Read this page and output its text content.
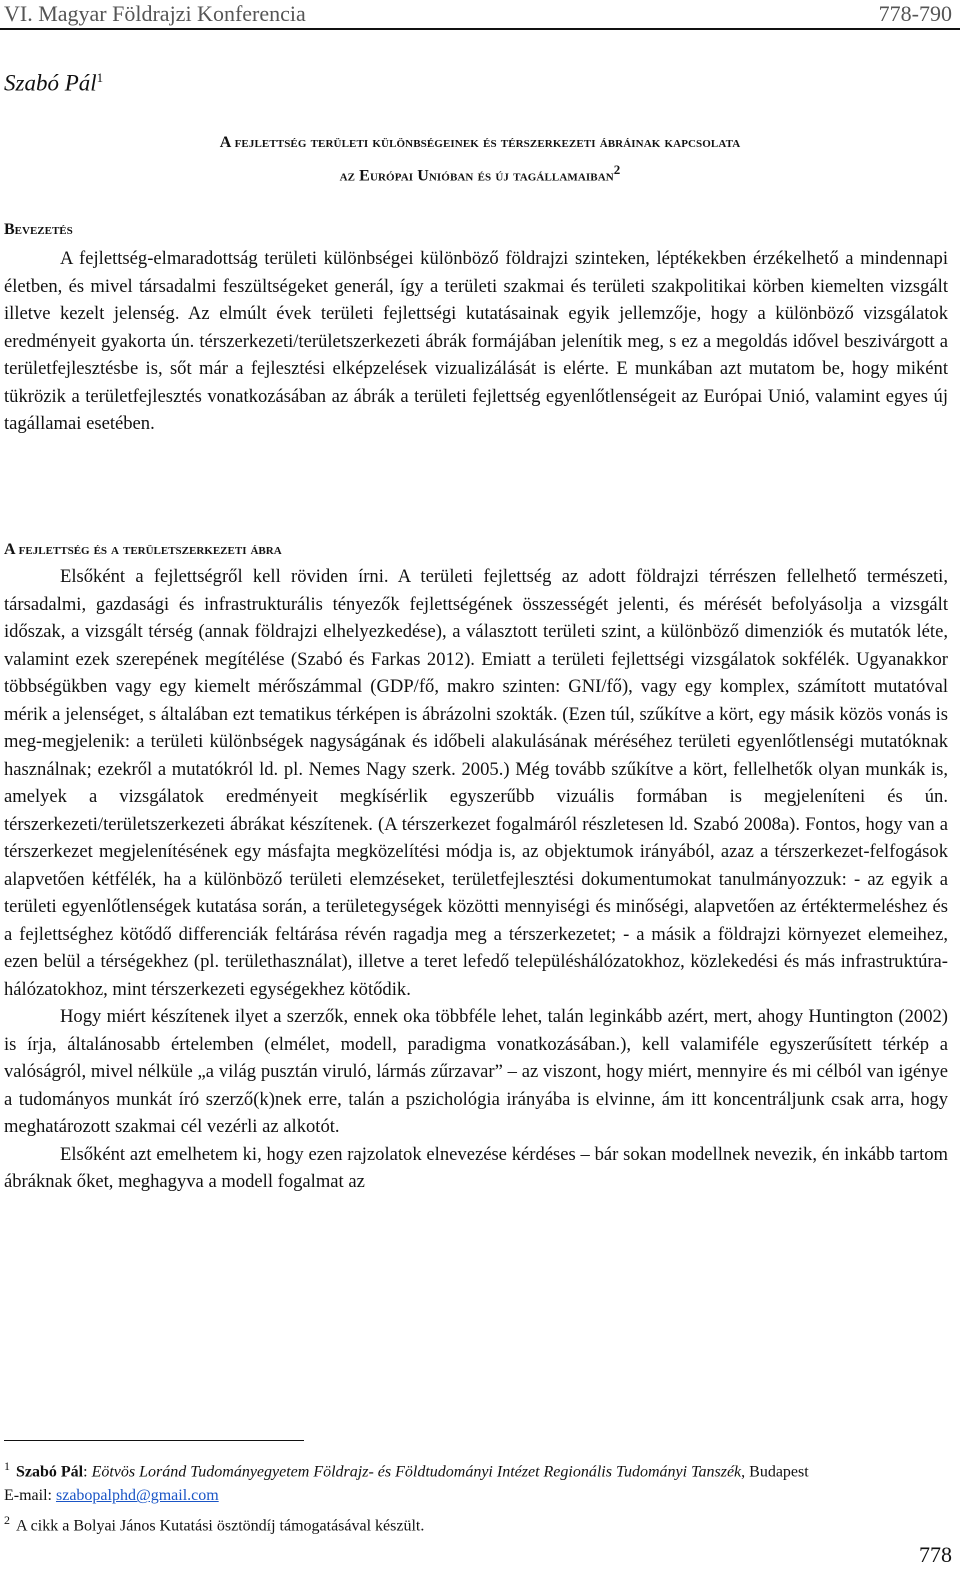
VI. Magyar Földrajzi Konferencia	778-790
Szabó Pál$^1$
A fejlettség területi különbségeinek és térszerkezeti ábráinak kapcsolata
az Európai Unióban és új tagállamaiban$^2$
Bevezetés

A fejlettség-elmaradottság területi különbségei különböző földrajzi szinteken, léptékekben érzékelhető a mindennapi életben, és mivel társadalmi feszültségeket generál, így a területi szakmai és területi szakpolitikai körben kiemelten vizsgált illetve kezelt jelenség. Az elmúlt évek területi fejlettségi kutatásainak egyik jellemzője, hogy a különböző vizsgálatok eredményeit gyakorta ún. térszerkezeti/területszerkezeti ábrák formájában jelenítik meg, s ez a megoldás idővel beszivárgott a területfejlesztésbe is, sőt már a fejlesztési elképzelések vizualizálását is elérte. E munkában azt mutatom be, hogy miként tükrözik a területfejlesztés vonatkozásában az ábrák a területi fejlettség egyenlőtlenségeit az Európai Unió, valamint egyes új tagállamai esetében.

A fejlettség és a területszerkezeti ábra

Elsőként a fejlettségről kell röviden írni. A területi fejlettség az adott földrajzi térrészen fellelhető természeti, társadalmi, gazdasági és infrastrukturális tényezők fejlettségének összességét jelenti, és mérését befolyásolja a vizsgált időszak, a vizsgált térség (annak földrajzi elhelyezkedése), a választott területi szint, a különböző dimenziók és mutatók léte, valamint ezek szerepének megítélése (Szabó és Farkas 2012). Emiatt a területi fejlettségi vizsgálatok sokfélék. Ugyanakkor többségükben vagy egy kiemelt mérőszámmal (GDP/fő, makro szinten: GNI/fő), vagy egy komplex, számított mutatóval mérik a jelenséget, s általában ezt tematikus térképen is ábrázolni szokták. (Ezen túl, szűkítve a kört, egy másik közös vonás is meg-megjelenik: a területi különbségek nagyságának és időbeli alakulásának méréséhez területi egyenlőtlenségi mutatóknak használnak; ezekről a mutatókról ld. pl. Nemes Nagy szerk. 2005.) Még tovább szűkítve a kört, fellelhetők olyan munkák is, amelyek a vizsgálatok eredményeit megkísérlik egyszerűbb vizuális formában is megjeleníteni és ún. térszerkezeti/területszerkezeti ábrákat készítenek. (A térszerkezet fogalmáról részletesen ld. Szabó 2008a). Fontos, hogy van a térszerkezet megjelenítésének egy másfajta megközelítési módja is, az objektumok irányából, azaz a térszerkezet-felfogások alapvetően kétfélék, ha a különböző területi elemzéseket, területfejlesztési dokumentumokat tanulmányozzuk: - az egyik a területi egyenlőtlenségek kutatása során, a területegységek közötti mennyiségi és minőségi, alapvetően az értéktermeléshez és a fejlettséghez kötődő differenciák feltárása révén ragadja meg a térszerkezetet; - a másik a földrajzi környezet elemeihez, ezen belül a térségekhez (pl. területhasználat), illetve a teret lefedő településhálózatokhoz, közlekedési és más infrastruktúra-hálózatokhoz, mint térszerkezeti egységekhez kötődik.

Hogy miért készítenek ilyet a szerzők, ennek oka többféle lehet, talán leginkább azért, mert, ahogy Huntington (2002) is írja, általánosabb értelemben (elmélet, modell, paradigma vonatkozásában.), kell valamiféle egyszerűsített térkép a valóságról, mivel nélküle „a világ pusztán viruló, lármás zűrzavar” – az viszont, hogy miért, mennyire és mi célból van igénye a tudományos munkát író szerző(k)nek erre, talán a pszichológia irányába is elvinne, ám itt koncentráljunk csak arra, hogy meghatározott szakmai cél vezérli az alkotót.

Elsőként azt emelhetem ki, hogy ezen rajzolatok elnevezése kérdéses – bár sokan modellnek nevezik, én inkább tartom ábráknak őket, meghagyva a modell fogalmat az

$^1$ Szabó Pál: Eötvös Loránd Tudományegyetem Földrajz- és Földtudományi Intézet Regionális Tudományi Tanszék, Budapest
E-mail: szabopalphd@gmail.com
$^2$ A cikk a Bolyai János Kutatási ösztöndíj támogatásával készült.
778
